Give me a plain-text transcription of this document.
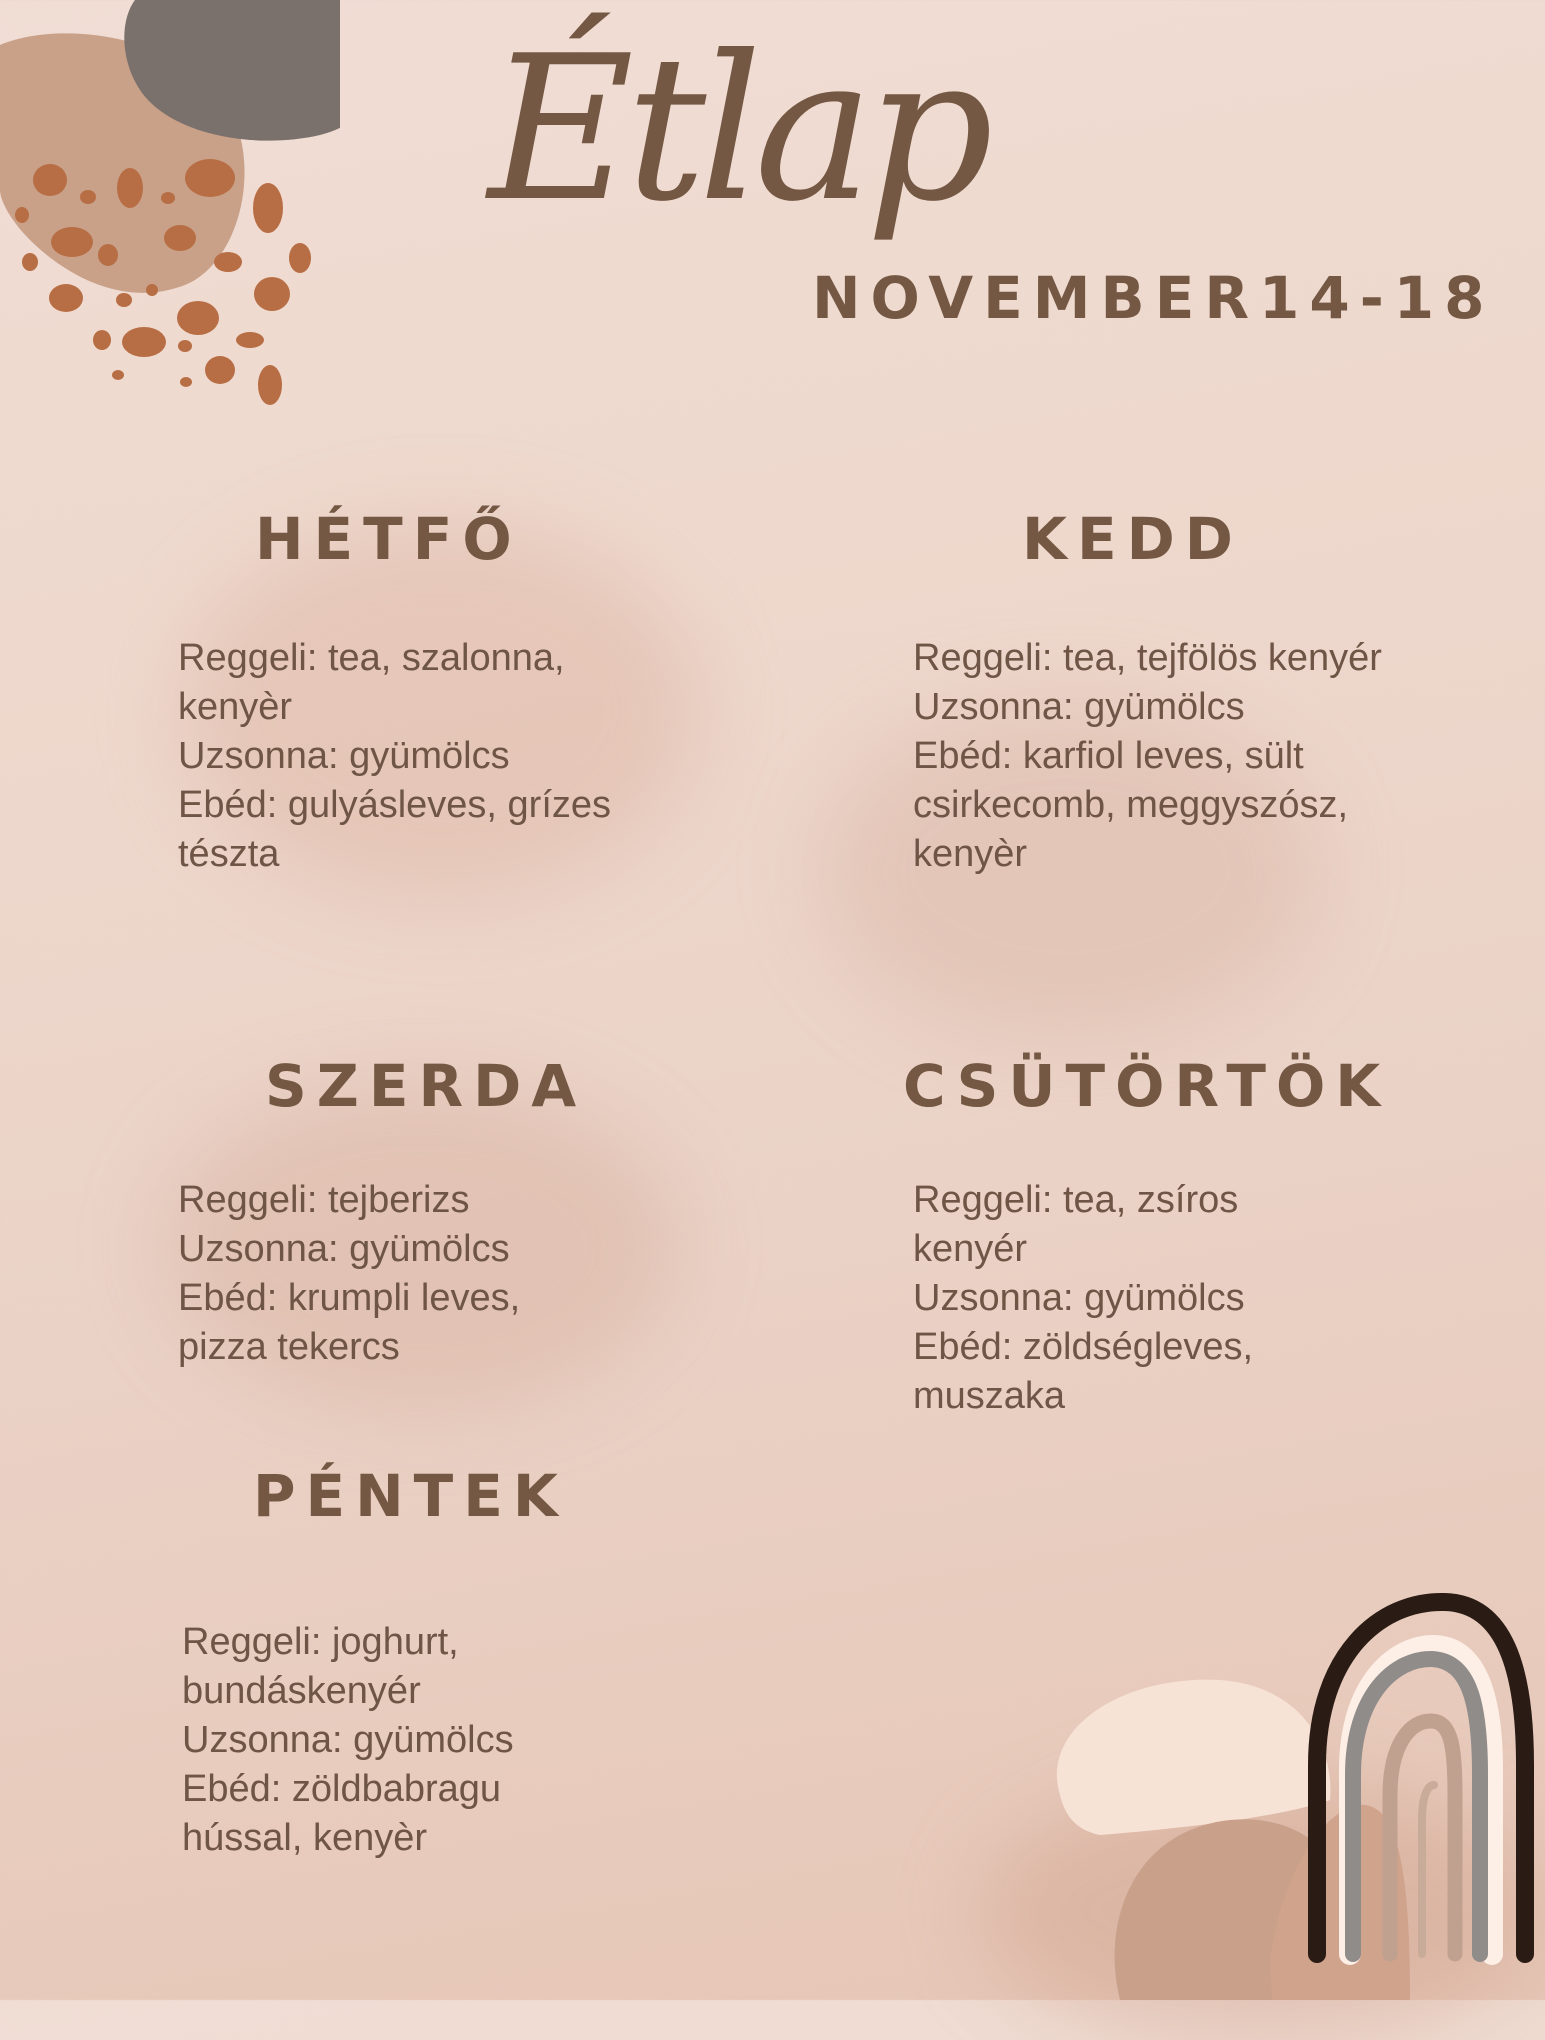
Étlap
NOVEMBER14-18
HÉTFŐ
Reggeli: tea, szalonna,
kenyèr
Uzsonna: gyümölcs
Ebéd: gulyásleves, grízes
tészta
KEDD
Reggeli: tea, tejfölös kenyér
Uzsonna: gyümölcs
Ebéd: karfiol leves, sült
csirkecomb, meggyszósz,
kenyèr
SZERDA
Reggeli: tejberizs
Uzsonna: gyümölcs
Ebéd: krumpli leves,
pizza tekercs
CSÜTÖRTÖK
Reggeli: tea, zsíros
kenyér
Uzsonna: gyümölcs
Ebéd: zöldségleves,
muszaka
PÉNTEK
Reggeli: joghurt,
bundáskenyér
Uzsonna: gyümölcs
Ebéd: zöldbabragu
hússal, kenyèr
